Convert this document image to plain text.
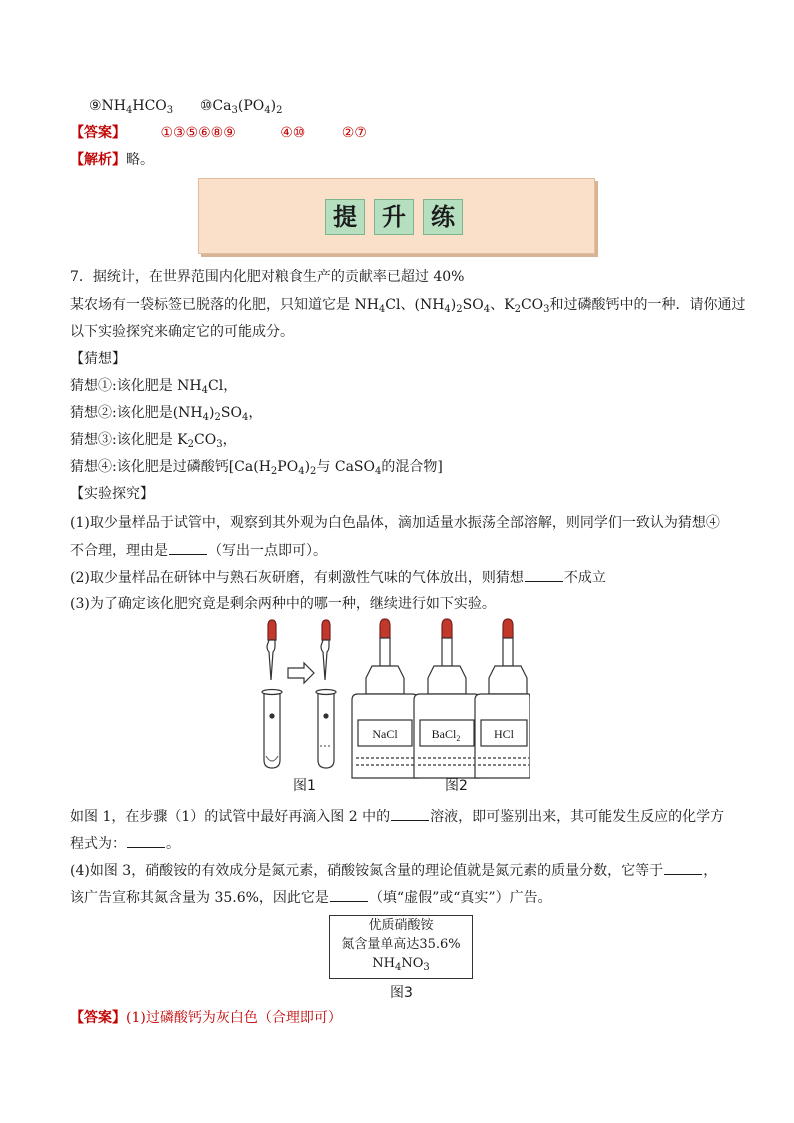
$⑨NH_4HCO_3$ $⑩Ca_3(PO_4)_2$
【答案】 ①③⑤⑥⑧⑨	④⑩	②⑦
【解析】略。
提	升	练
7．据统计，在世界范围内化肥对粮食生产的贡献率已超过 40%
某农场有一袋标签已脱落的化肥，只知道它是 $NH_4Cl$、$(NH_4)_2SO_4$、$K_2CO_3$和过磷酸钙中的一种．请你通过
以下实验探究来确定它的可能成分。
【猜想】
猜想①:该化肥是 $NH_4Cl$，
猜想②:该化肥是$(NH_4)_2SO_4$，
猜想③:该化肥是 $K_2CO_3$，
猜想④:该化肥是过磷酸钙[$Ca(H_2PO_4)_2$与 CaSO$_4$的混合物]
【实验探究】
(1)取少量样品于试管中，观察到其外观为白色晶体，滴加适量水振荡全部溶解，则同学们一致认为猜想④
不合理，理由是	（写出一点即可）。
(2)取少量样品在研钵中与熟石灰研磨，有刺激性气味的气体放出，则猜想	不成立
(3)为了确定该化肥究竟是剩余两种中的哪一种，继续进行如下实验。
NaCl	BaCl$_2$	HCl
图1	图2
如图 1，在步骤（1）的试管中最好再滴入图 2 中的	溶液，即可鉴别出来，其可能发生反应的化学方
程式为：	。
(4)如图 3，硝酸铵的有效成分是氮元素，硝酸铵氮含量的理论值就是氮元素的质量分数，它等于	，
该广告宣称其氮含量为 35.6%，因此它是	（填“虚假”或“真实”）广告。
优质硝酸铵
氮含量单高达35.6%
$NH_4NO_3$
图3
【答案】(1)过磷酸钙为灰白色（合理即可）
